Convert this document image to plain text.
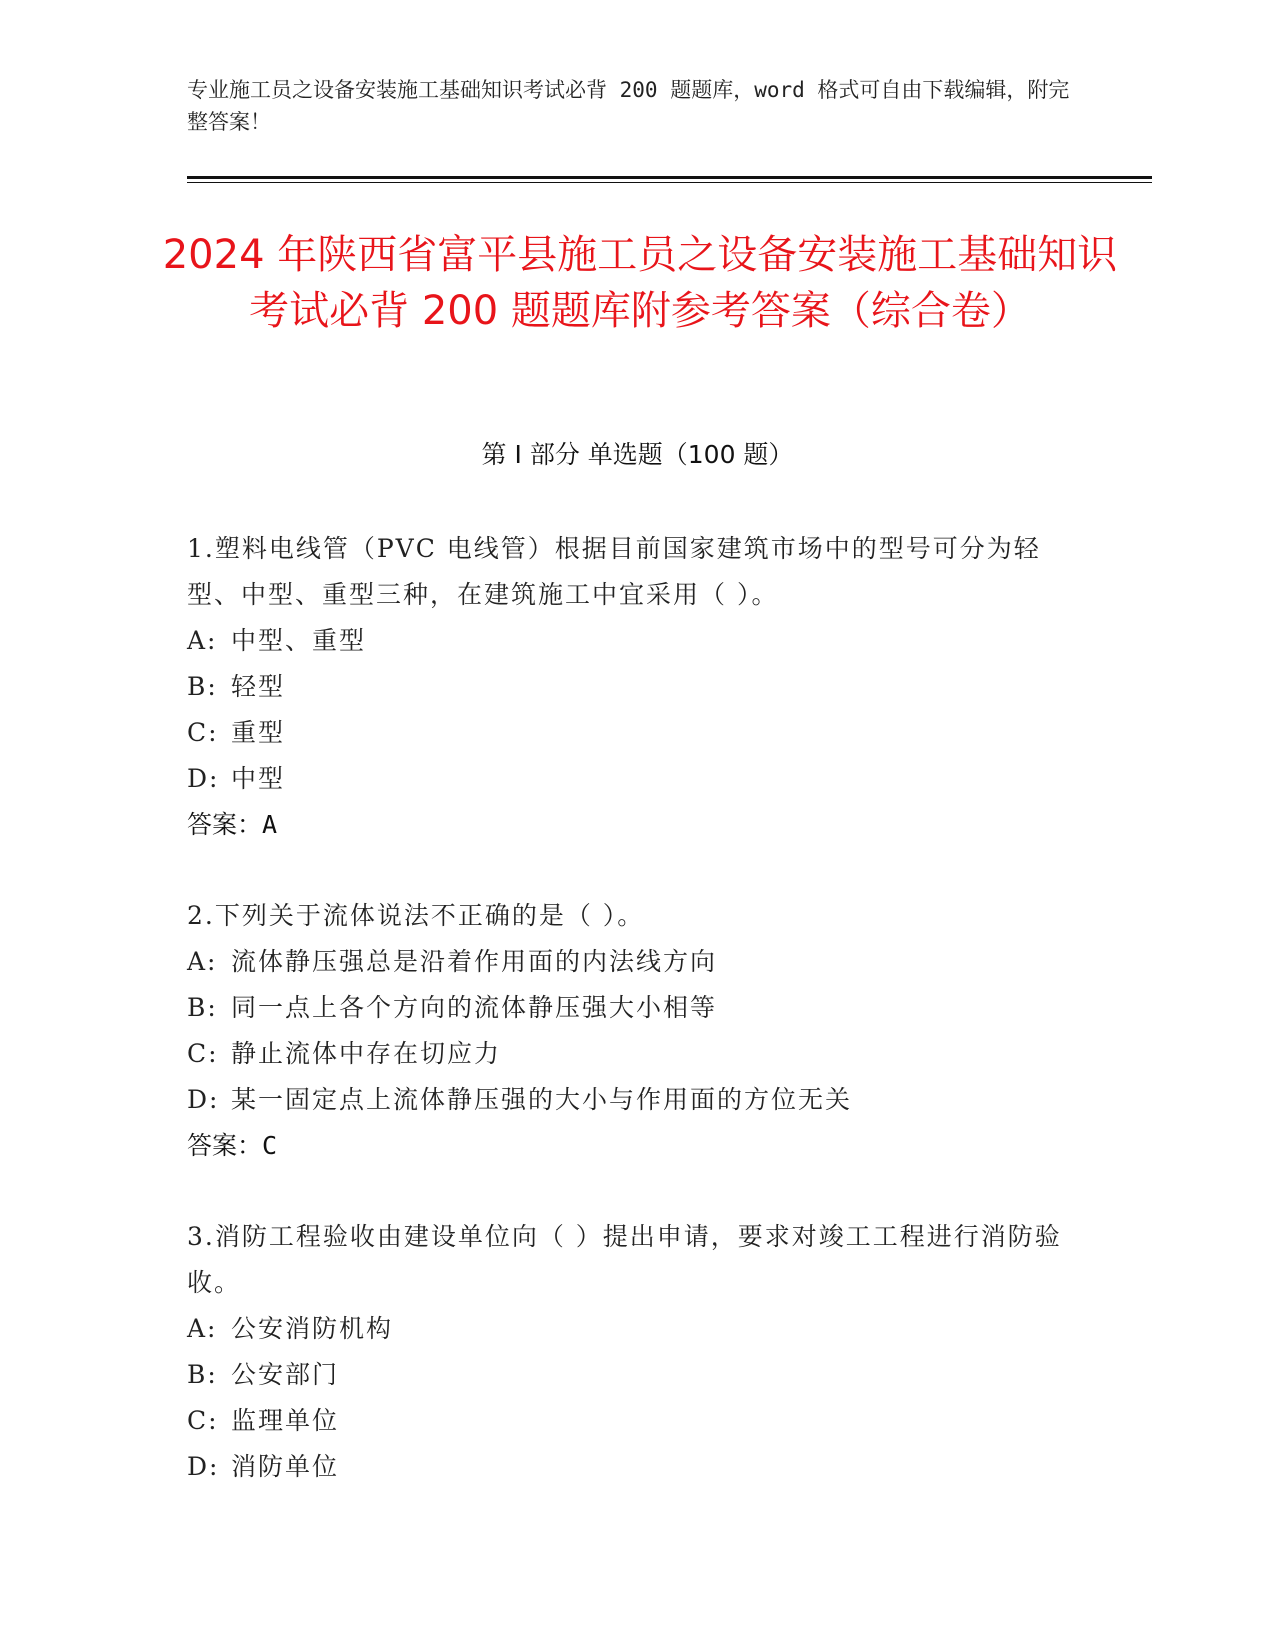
专业施工员之设备安装施工基础知识考试必背 200 题题库，word 格式可自由下载编辑，附完整答案！
2024 年陕西省富平县施工员之设备安装施工基础知识考试必背 200 题题库附参考答案（综合卷）
第 I 部分 单选题（100 题）
1.塑料电线管（PVC 电线管）根据目前国家建筑市场中的型号可分为轻型、中型、重型三种，在建筑施工中宜采用（ ）。
A: 中型、重型
B: 轻型
C: 重型
D: 中型
答案：A
2.下列关于流体说法不正确的是（ ）。
A: 流体静压强总是沿着作用面的内法线方向
B: 同一点上各个方向的流体静压强大小相等
C: 静止流体中存在切应力
D: 某一固定点上流体静压强的大小与作用面的方位无关
答案：C
3.消防工程验收由建设单位向（ ）提出申请，要求对竣工工程进行消防验收。
A: 公安消防机构
B: 公安部门
C: 监理单位
D: 消防单位
